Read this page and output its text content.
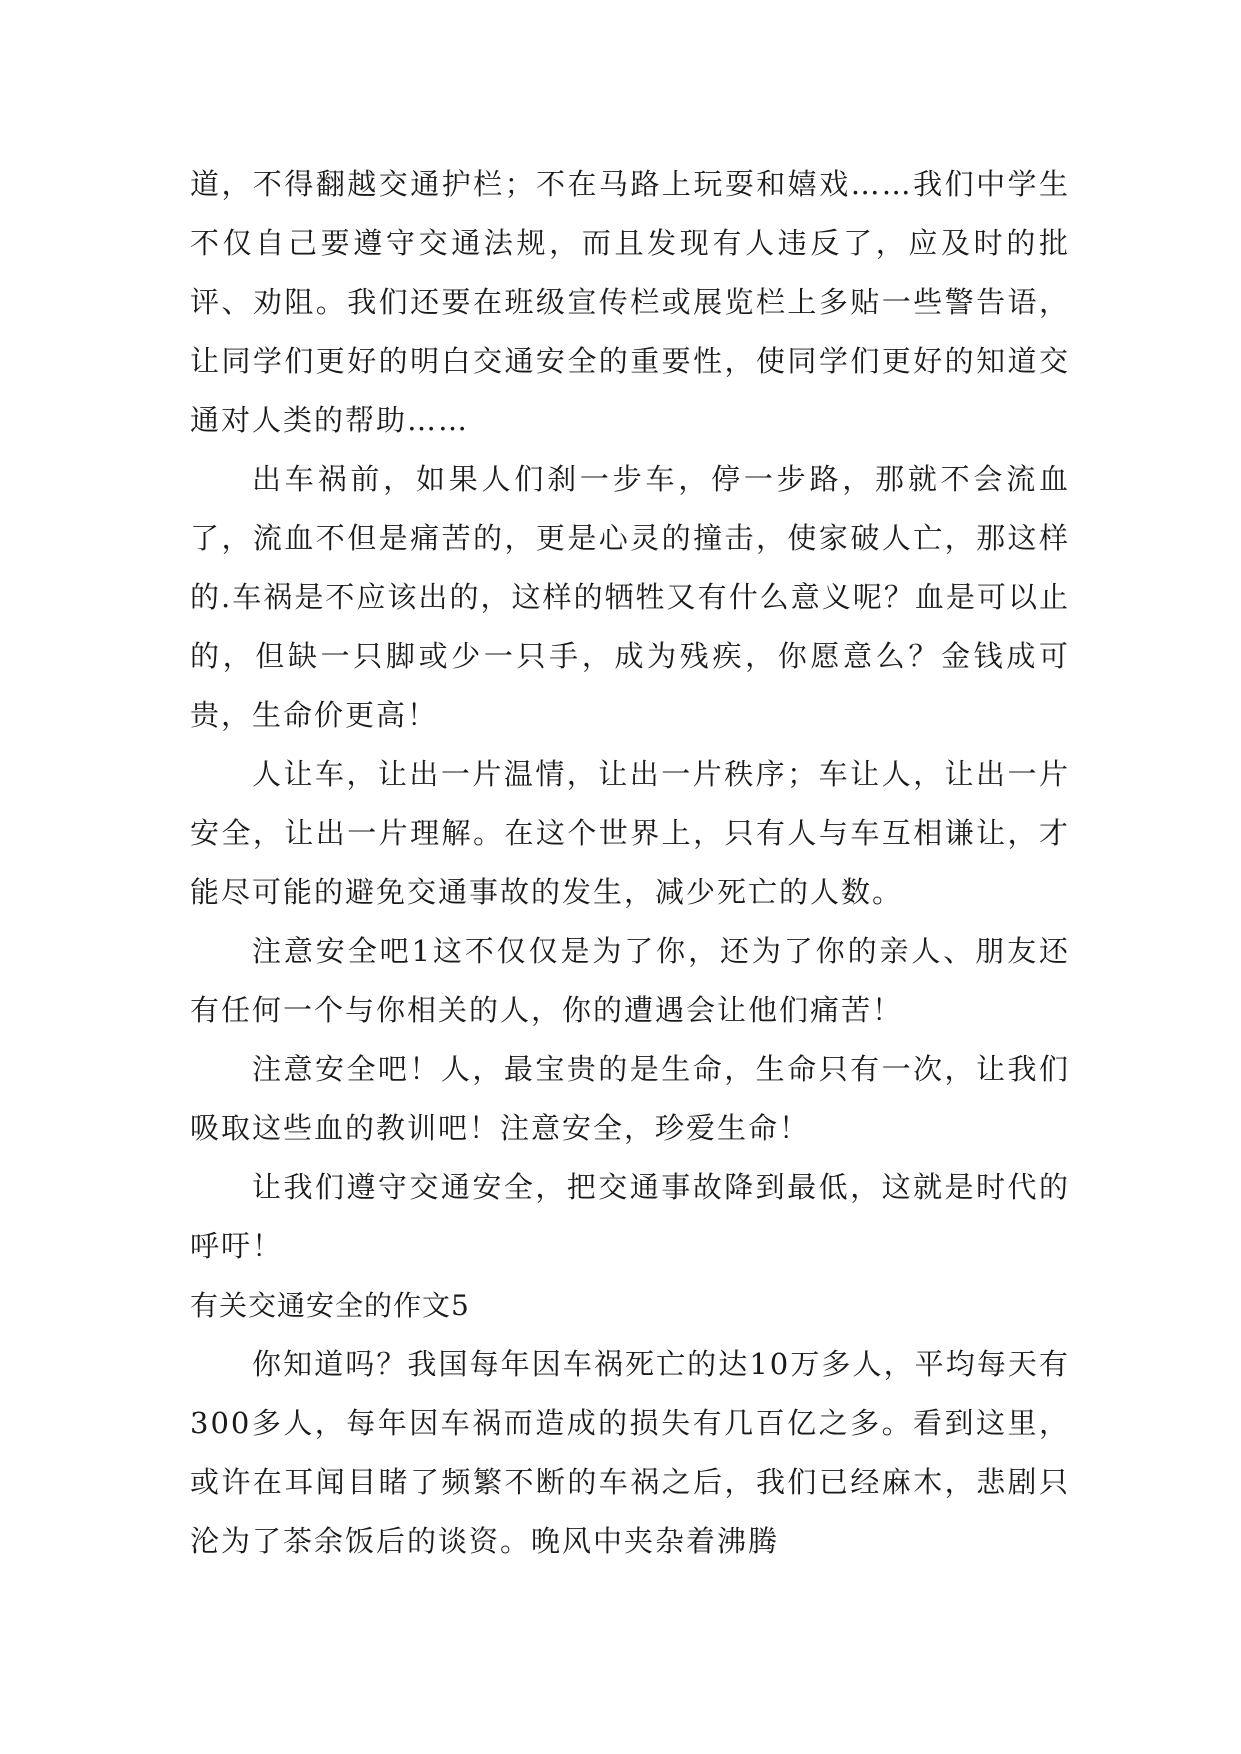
道，不得翻越交通护栏；不在马路上玩耍和嬉戏……我们中学生不仅自己要遵守交通法规，而且发现有人违反了，应及时的批评、劝阻。我们还要在班级宣传栏或展览栏上多贴一些警告语，让同学们更好的明白交通安全的重要性，使同学们更好的知道交通对人类的帮助……

出车祸前，如果人们刹一步车，停一步路，那就不会流血了，流血不但是痛苦的，更是心灵的撞击，使家破人亡，那这样的.车祸是不应该出的，这样的牺牲又有什么意义呢？血是可以止的，但缺一只脚或少一只手，成为残疾，你愿意么？金钱成可贵，生命价更高！

人让车，让出一片温情，让出一片秩序；车让人，让出一片安全，让出一片理解。在这个世界上，只有人与车互相谦让，才能尽可能的避免交通事故的发生，减少死亡的人数。

注意安全吧1这不仅仅是为了你，还为了你的亲人、朋友还有任何一个与你相关的人，你的遭遇会让他们痛苦！

注意安全吧！人，最宝贵的是生命，生命只有一次，让我们吸取这些血的教训吧！注意安全，珍爱生命！

让我们遵守交通安全，把交通事故降到最低，这就是时代的呼吁！

有关交通安全的作文5

你知道吗？我国每年因车祸死亡的达10万多人，平均每天有300多人，每年因车祸而造成的损失有几百亿之多。看到这里，或许在耳闻目睹了频繁不断的车祸之后，我们已经麻木，悲剧只沦为了茶余饭后的谈资。晚风中夹杂着沸腾
